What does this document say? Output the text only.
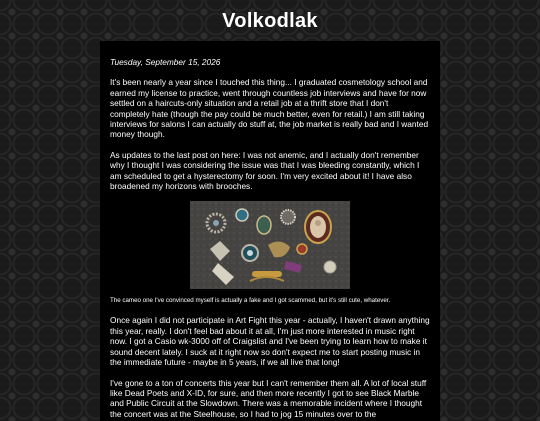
Volkodlak
Tuesday, September 15, 2026

It's been nearly a year since I touched this thing... I graduated cosmetology school and earned my license to practice, went through countless job interviews and have for now settled on a haircuts-only situation and a retail job at a thrift store that I don't completely hate (though the pay could be much better, even for retail.) I am still taking interviews for salons I can actually do stuff at, the job market is really bad and I wanted money though.

As updates to the last post on here: I was not anemic, and I actually don't remember why I thought I was considering the issue was that I was bleeding constantly, which I am scheduled to get a hysterectomy for soon. I'm very excited about it! I have also broadened my horizons with brooches.

The cameo one I've convinced myself is actually a fake and I got scammed, but it's still cute, whatever.

Once again I did not participate in Art Fight this year - actually, I haven't drawn anything this year, really. I don't feel bad about it at all, I'm just more interested in music right now. I got a Casio wk-3000 off of Craigslist and I've been trying to learn how to make it sound decent lately. I suck at it right now so don't expect me to start posting music in the immediate future - maybe in 5 years, if we all live that long!

I've gone to a ton of concerts this year but I can't remember them all. A lot of local stuff like Dead Poets and X-ID, for sure, and then more recently I got to see Black Marble and Public Circuit at the Slowdown. There was a memorable incident where I thought the concert was at the Steelhouse, so I had to jog 15 minutes over to the
